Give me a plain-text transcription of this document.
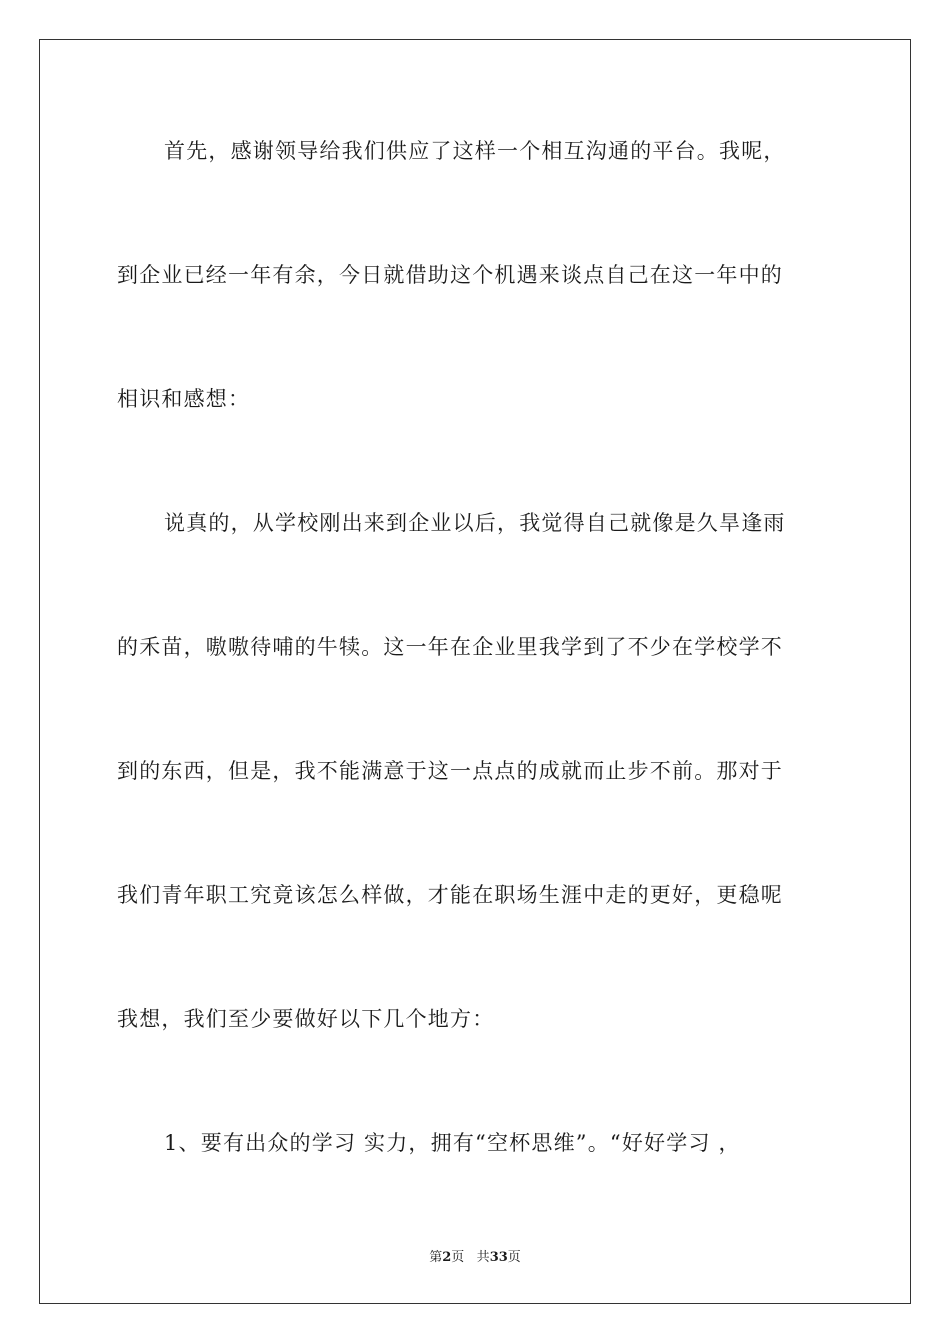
首先，感谢领导给我们供应了这样一个相互沟通的平台。我呢，
到企业已经一年有余，今日就借助这个机遇来谈点自己在这一年中的
相识和感想：
说真的，从学校刚出来到企业以后，我觉得自己就像是久旱逢雨
的禾苗，嗷嗷待哺的牛犊。这一年在企业里我学到了不少在学校学不
到的东西，但是，我不能满意于这一点点的成就而止步不前。那对于
我们青年职工究竟该怎么样做，才能在职场生涯中走的更好，更稳呢
我想，我们至少要做好以下几个地方：
1、要有出众的学习 实力，拥有“空杯思维”。“好好学习 ，
第2页 共33页
